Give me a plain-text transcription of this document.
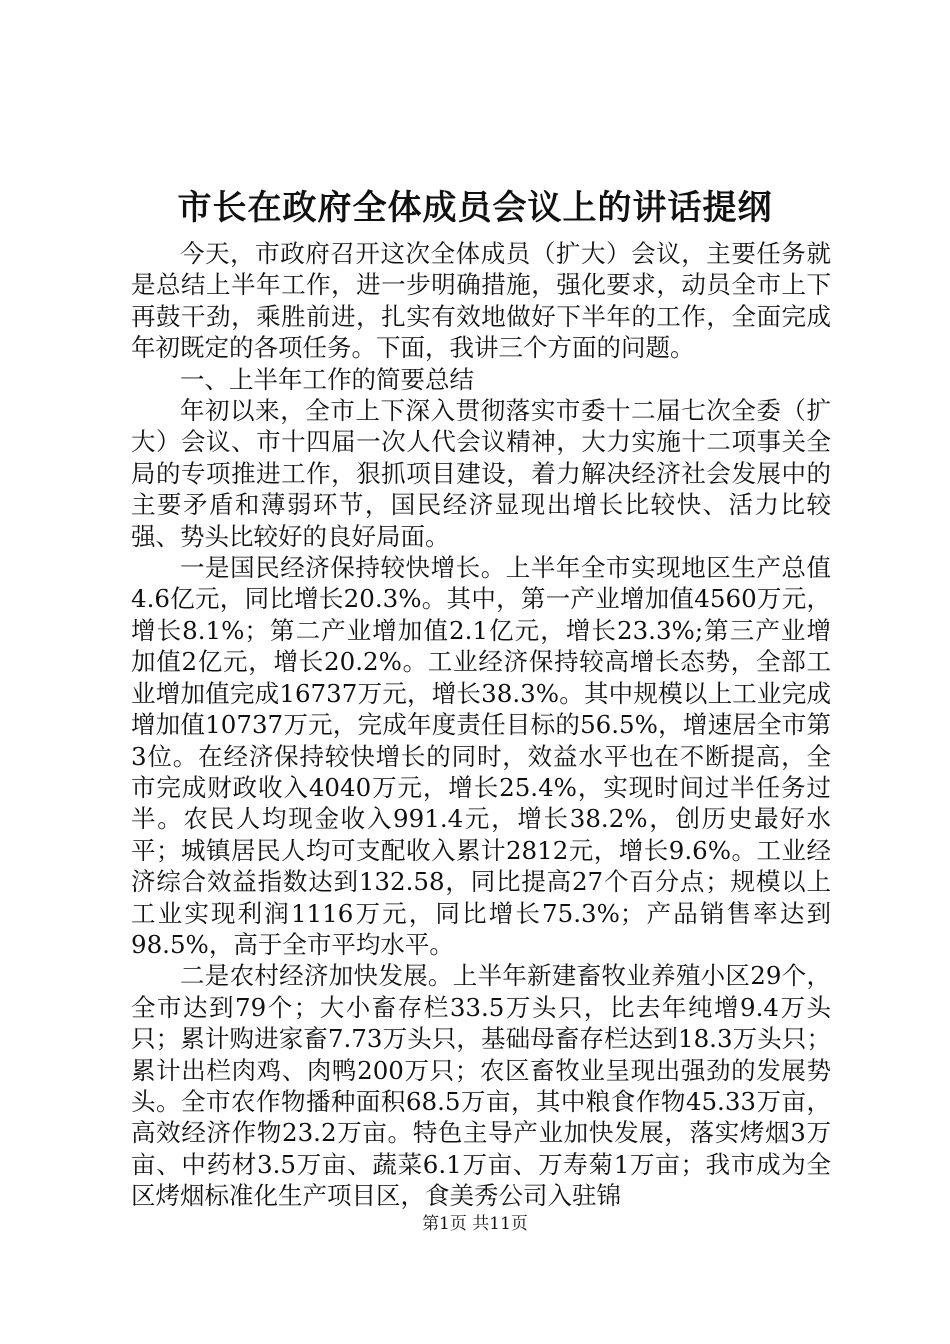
市长在政府全体成员会议上的讲话提纲

今天，市政府召开这次全体成员（扩大）会议，主要任务就是总结上半年工作，进一步明确措施，强化要求，动员全市上下再鼓干劲，乘胜前进，扎实有效地做好下半年的工作，全面完成年初既定的各项任务。下面，我讲三个方面的问题。

一、上半年工作的简要总结

年初以来，全市上下深入贯彻落实市委十二届七次全委（扩大）会议、市十四届一次人代会议精神，大力实施十二项事关全局的专项推进工作，狠抓项目建设，着力解决经济社会发展中的主要矛盾和薄弱环节，国民经济显现出增长比较快、活力比较强、势头比较好的良好局面。

一是国民经济保持较快增长。上半年全市实现地区生产总值4.6亿元，同比增长20.3%。其中，第一产业增加值4560万元，增长8.1%；第二产业增加值2.1亿元，增长23.3%;第三产业增加值2亿元，增长20.2%。工业经济保持较高增长态势，全部工业增加值完成16737万元，增长38.3%。其中规模以上工业完成增加值10737万元，完成年度责任目标的56.5%，增速居全市第3位。在经济保持较快增长的同时，效益水平也在不断提高，全市完成财政收入4040万元，增长25.4%，实现时间过半任务过半。农民人均现金收入991.4元，增长38.2%，创历史最好水平；城镇居民人均可支配收入累计2812元，增长9.6%。工业经济综合效益指数达到132.58，同比提高27个百分点；规模以上工业实现利润1116万元，同比增长75.3%；产品销售率达到98.5%，高于全市平均水平。

二是农村经济加快发展。上半年新建畜牧业养殖小区29个，全市达到79个；大小畜存栏33.5万头只，比去年纯增9.4万头只；累计购进家畜7.73万头只，基础母畜存栏达到18.3万头只；累计出栏肉鸡、肉鸭200万只；农区畜牧业呈现出强劲的发展势头。全市农作物播种面积68.5万亩，其中粮食作物45.33万亩，高效经济作物23.2万亩。特色主导产业加快发展，落实烤烟3万亩、中药材3.5万亩、蔬菜6.1万亩、万寿菊1万亩；我市成为全区烤烟标准化生产项目区，食美秀公司入驻锦

第1页 共11页
